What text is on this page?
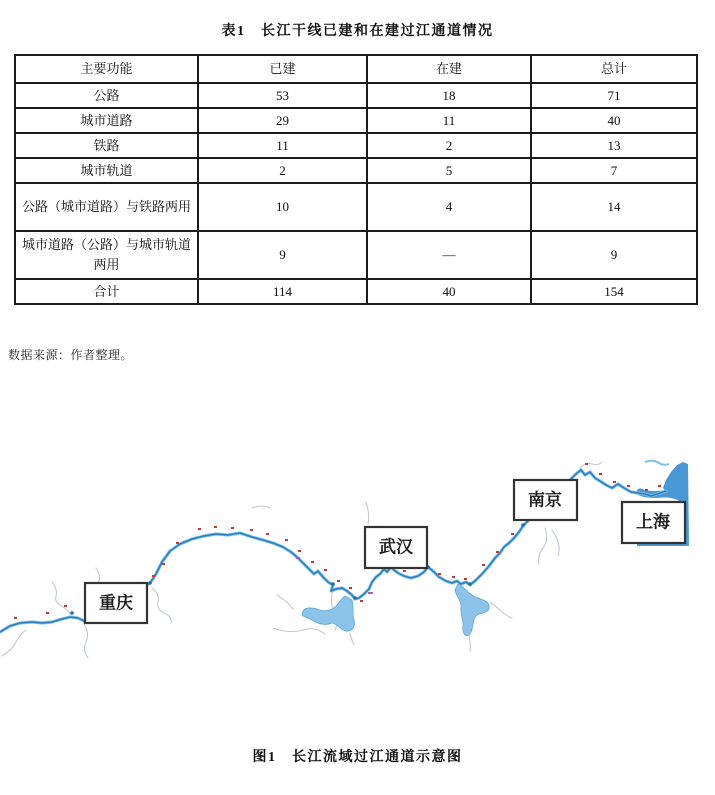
表1　长江干线已建和在建过江通道情况
主要功能	已建	在建	总计
公路	53	18	71
城市道路	29	11	40
铁路	11	2	13
城市轨道	2	5	7
公路（城市道路）与铁路两用	10	4	14
城市道路（公路）与城市轨道两用	9	—	9
合计	114	40	154
数据来源：作者整理。
重庆
武汉
南京
上海
图1　长江流域过江通道示意图
